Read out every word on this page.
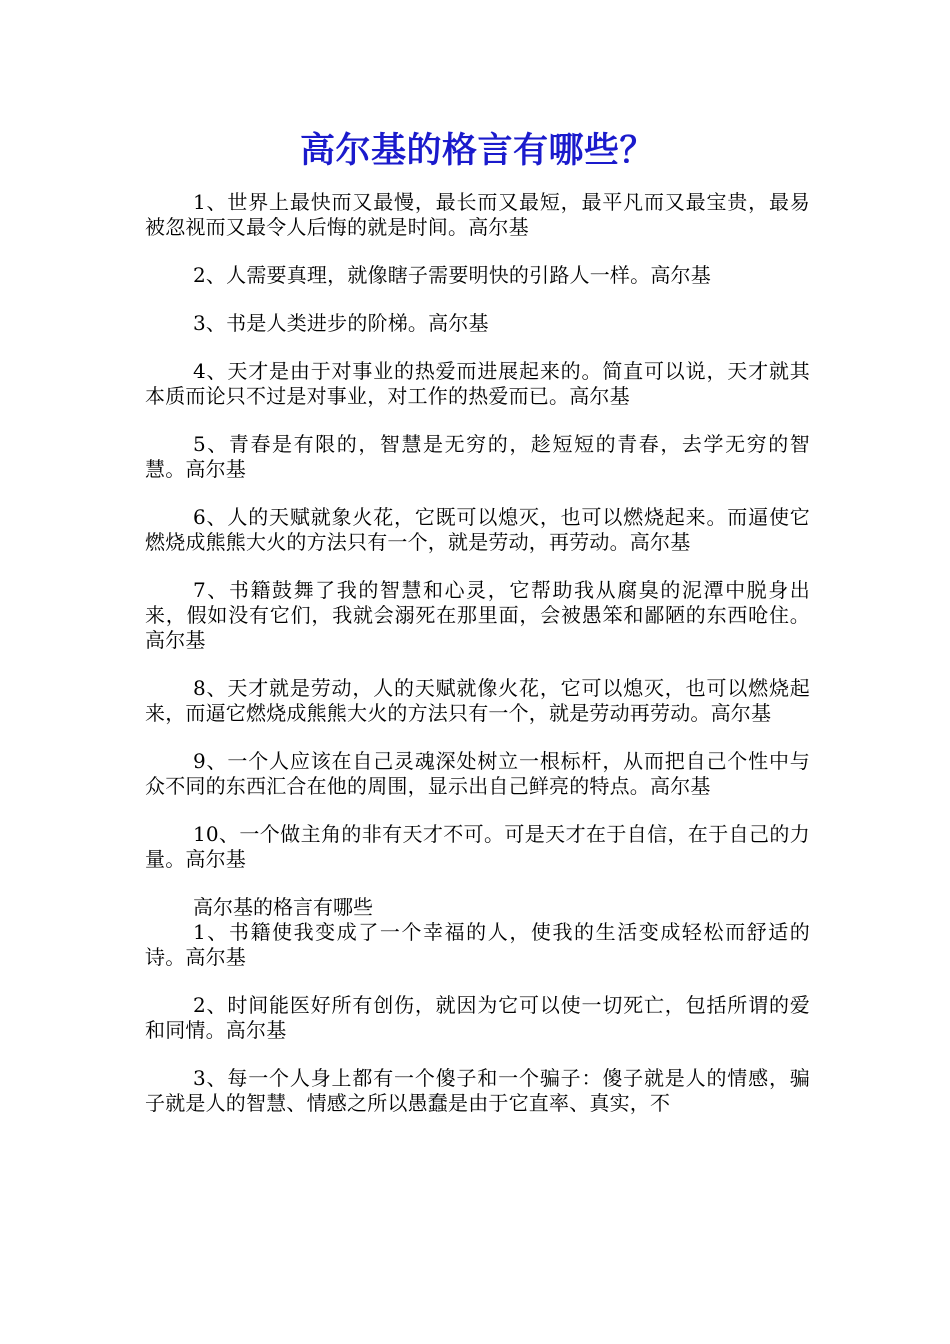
高尔基的格言有哪些？

1、世界上最快而又最慢，最长而又最短，最平凡而又最宝贵，最易被忽视而又最令人后悔的就是时间。高尔基

2、人需要真理，就像瞎子需要明快的引路人一样。高尔基

3、书是人类进步的阶梯。高尔基

4、天才是由于对事业的热爱而进展起来的。简直可以说，天才就其本质而论只不过是对事业，对工作的热爱而已。高尔基

5、青春是有限的，智慧是无穷的，趁短短的青春，去学无穷的智慧。高尔基

6、人的天赋就象火花，它既可以熄灭，也可以燃烧起来。而逼使它燃烧成熊熊大火的方法只有一个，就是劳动，再劳动。高尔基

7、书籍鼓舞了我的智慧和心灵，它帮助我从腐臭的泥潭中脱身出来，假如没有它们，我就会溺死在那里面，会被愚笨和鄙陋的东西呛住。高尔基

8、天才就是劳动，人的天赋就像火花，它可以熄灭，也可以燃烧起来，而逼它燃烧成熊熊大火的方法只有一个，就是劳动再劳动。高尔基

9、一个人应该在自己灵魂深处树立一根标杆，从而把自己个性中与众不同的东西汇合在他的周围，显示出自己鲜亮的特点。高尔基

10、一个做主角的非有天才不可。可是天才在于自信，在于自己的力量。高尔基

高尔基的格言有哪些

1、书籍使我变成了一个幸福的人，使我的生活变成轻松而舒适的诗。高尔基

2、时间能医好所有创伤，就因为它可以使一切死亡，包括所谓的爱和同情。高尔基

3、每一个人身上都有一个傻子和一个骗子：傻子就是人的情感，骗子就是人的智慧、情感之所以愚蠢是由于它直率、真实，不
